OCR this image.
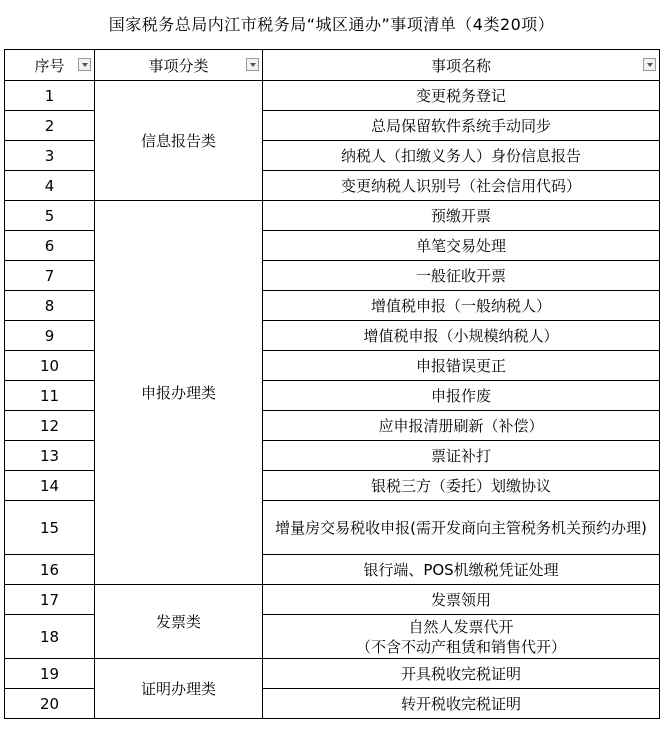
国家税务总局内江市税务局“城区通办”事项清单（4类20项）
序号	事项分类	事项名称

1	信息报告类	变更税务登记
2		总局保留软件系统手动同步
3		纳税人（扣缴义务人）身份信息报告
4		变更纳税人识别号（社会信用代码）
5	申报办理类	预缴开票
6		单笔交易处理
7		一般征收开票
8		增值税申报（一般纳税人）
9		增值税申报（小规模纳税人）
10		申报错误更正
11		申报作废
12		应申报清册刷新（补偿）
13		票证补打
14		银税三方（委托）划缴协议
15		增量房交易税收申报(需开发商向主管税务机关预约办理)
16		银行端、POS机缴税凭证处理
17	发票类	发票领用
18		自然人发票代开
（不含不动产租赁和销售代开）
19	证明办理类	开具税收完税证明
20		转开税收完税证明
